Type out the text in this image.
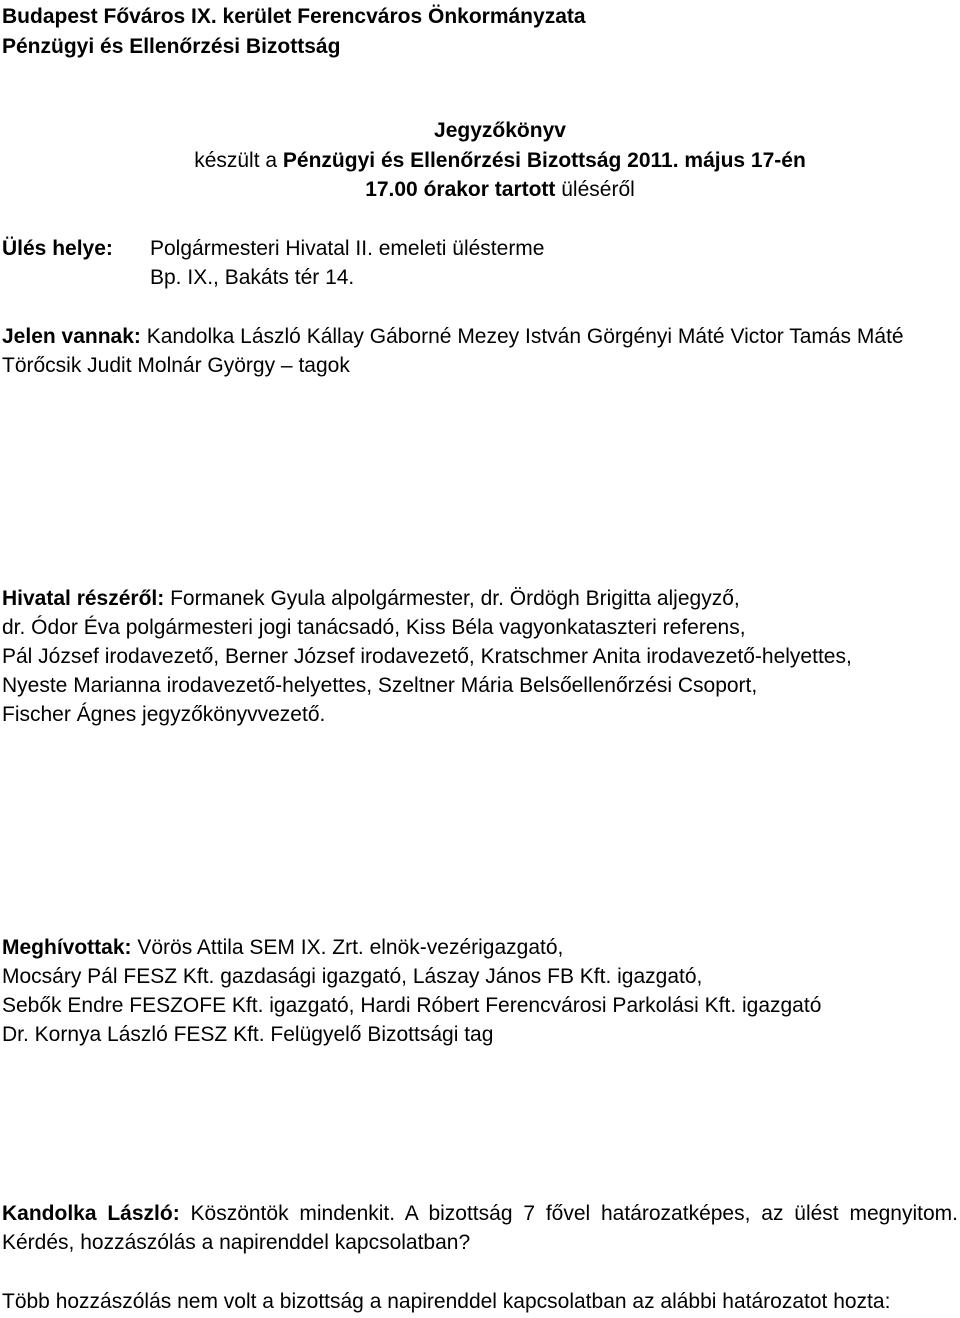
Budapest Főváros IX. kerület Ferencváros Önkormányzata
Pénzügyi és Ellenőrzési Bizottság
Jegyzőkönyv
készült a Pénzügyi és Ellenőrzési Bizottság 2011. május 17-én
17.00 órakor tartott üléséről
Ülés helye: Polgármesteri Hivatal II. emeleti ülésterme
Bp. IX., Bakáts tér 14.
Jelen vannak: Kandolka László Kállay Gáborné Mezey István Görgényi Máté Victor Tamás Máté Törőcsik Judit Molnár György – tagok
Hivatal részéről: Formanek Gyula alpolgármester, dr. Ördögh Brigitta aljegyző, dr. Ódor Éva polgármesteri jogi tanácsadó, Kiss Béla vagyonkataszteri referens, Pál József irodavezető, Berner József irodavezető, Kratschmer Anita irodavezető-helyettes, Nyeste Marianna irodavezető-helyettes, Szeltner Mária Belsőellenőrzési Csoport, Fischer Ágnes jegyzőkönyvvezető.
Meghívottak: Vörös Attila SEM IX. Zrt. elnök-vezérigazgató, Mocsáry Pál FESZ Kft. gazdasági igazgató, Lászay János FB Kft. igazgató, Sebők Endre FESZOFE Kft. igazgató, Hardi Róbert Ferencvárosi Parkolási Kft. igazgató Dr. Kornya László FESZ Kft. Felügyelő Bizottsági tag
Kandolka László: Köszöntök mindenkit. A bizottság 7 fővel határozatképes, az ülést megnyitom. Kérdés, hozzászólás a napirenddel kapcsolatban?
Több hozzászólás nem volt a bizottság a napirenddel kapcsolatban az alábbi határozatot hozta:
